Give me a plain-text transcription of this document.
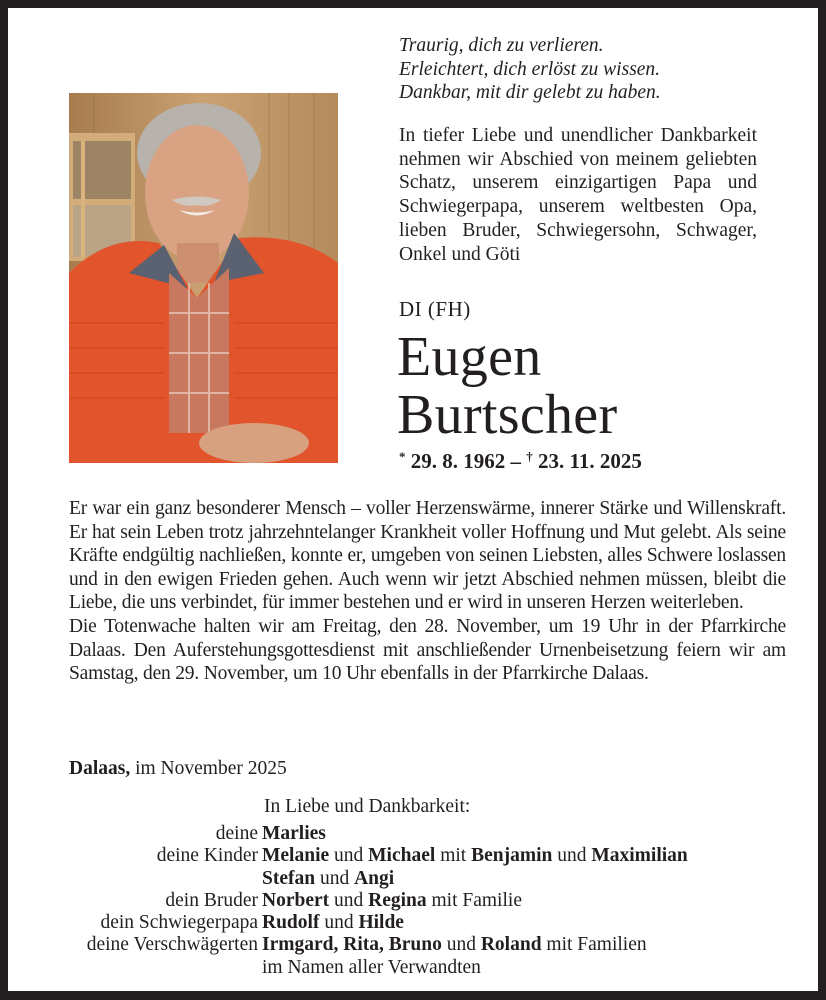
Traurig, dich zu verlieren.
Erleichtert, dich erlöst zu wissen.
Dankbar, mit dir gelebt zu haben.
In tiefer Liebe und unendlicher Dankbarkeit nehmen wir Abschied von meinem geliebten Schatz, unserem einzigartigen Papa und Schwiegerpapa, unserem weltbesten Opa, lieben Bruder, Schwiegersohn, Schwager, Onkel und Göti
DI (FH)
Eugen
Burtscher
* 29. 8. 1962 – † 23. 11. 2025

Er war ein ganz besonderer Mensch – voller Herzenswärme, innerer Stärke und Willenskraft. Er hat sein Leben trotz jahrzehntelanger Krankheit voller Hoffnung und Mut gelebt. Als seine Kräfte endgültig nachließen, konnte er, umgeben von seinen Liebsten, alles Schwere loslassen und in den ewigen Frieden gehen. Auch wenn wir jetzt Abschied nehmen müssen, bleibt die Liebe, die uns verbindet, für immer bestehen und er wird in unseren Herzen weiterleben.

Die Totenwache halten wir am Freitag, den 28. November, um 19 Uhr in der Pfarrkirche Dalaas. Den Auferstehungsgottesdienst mit anschließender Urnenbeisetzung feiern wir am Samstag, den 29. November, um 10 Uhr ebenfalls in der Pfarrkirche Dalaas.

Dalaas, im November 2025
In Liebe und Dankbarkeit:
deine Marlies
deine Kinder Melanie und Michael mit Benjamin und Maximilian
Stefan und Angi
dein Bruder Norbert und Regina mit Familie
dein Schwiegerpapa Rudolf und Hilde
deine Verschwägerten Irmgard, Rita, Bruno und Roland mit Familien
im Namen aller Verwandten
